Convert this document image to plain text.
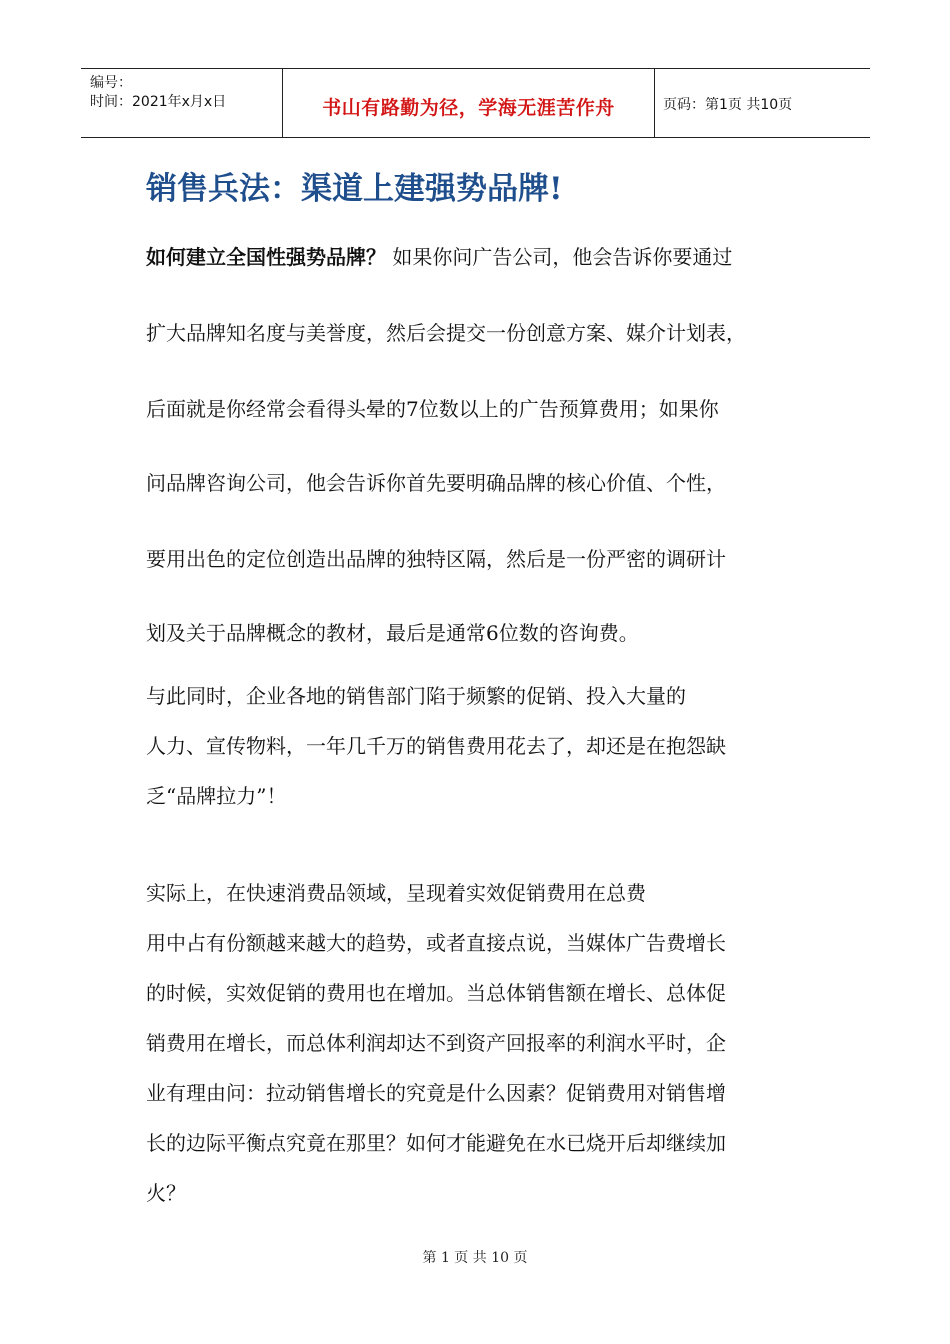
编号：
时间：2021年x月x日	书山有路勤为径，学海无涯苦作舟	页码：第1页 共10页
销售兵法：渠道上建强势品牌!
如何建立全国性强势品牌？ 如果你问广告公司，他会告诉你要通过
扩大品牌知名度与美誉度，然后会提交一份创意方案、媒介计划表，
后面就是你经常会看得头晕的7位数以上的广告预算费用；如果你
问品牌咨询公司，他会告诉你首先要明确品牌的核心价值、个性，
要用出色的定位创造出品牌的独特区隔，然后是一份严密的调研计
划及关于品牌概念的教材，最后是通常6位数的咨询费。
与此同时，企业各地的销售部门陷于频繁的促销、投入大量的
人力、宣传物料，一年几千万的销售费用花去了，却还是在抱怨缺
乏“品牌拉力”！
实际上，在快速消费品领域，呈现着实效促销费用在总费
用中占有份额越来越大的趋势，或者直接点说，当媒体广告费增长
的时候，实效促销的费用也在增加。当总体销售额在增长、总体促
销费用在增长，而总体利润却达不到资产回报率的利润水平时，企
业有理由问：拉动销售增长的究竟是什么因素？促销费用对销售增
长的边际平衡点究竟在那里？如何才能避免在水已烧开后却继续加
火？
第 1 页 共 10 页
